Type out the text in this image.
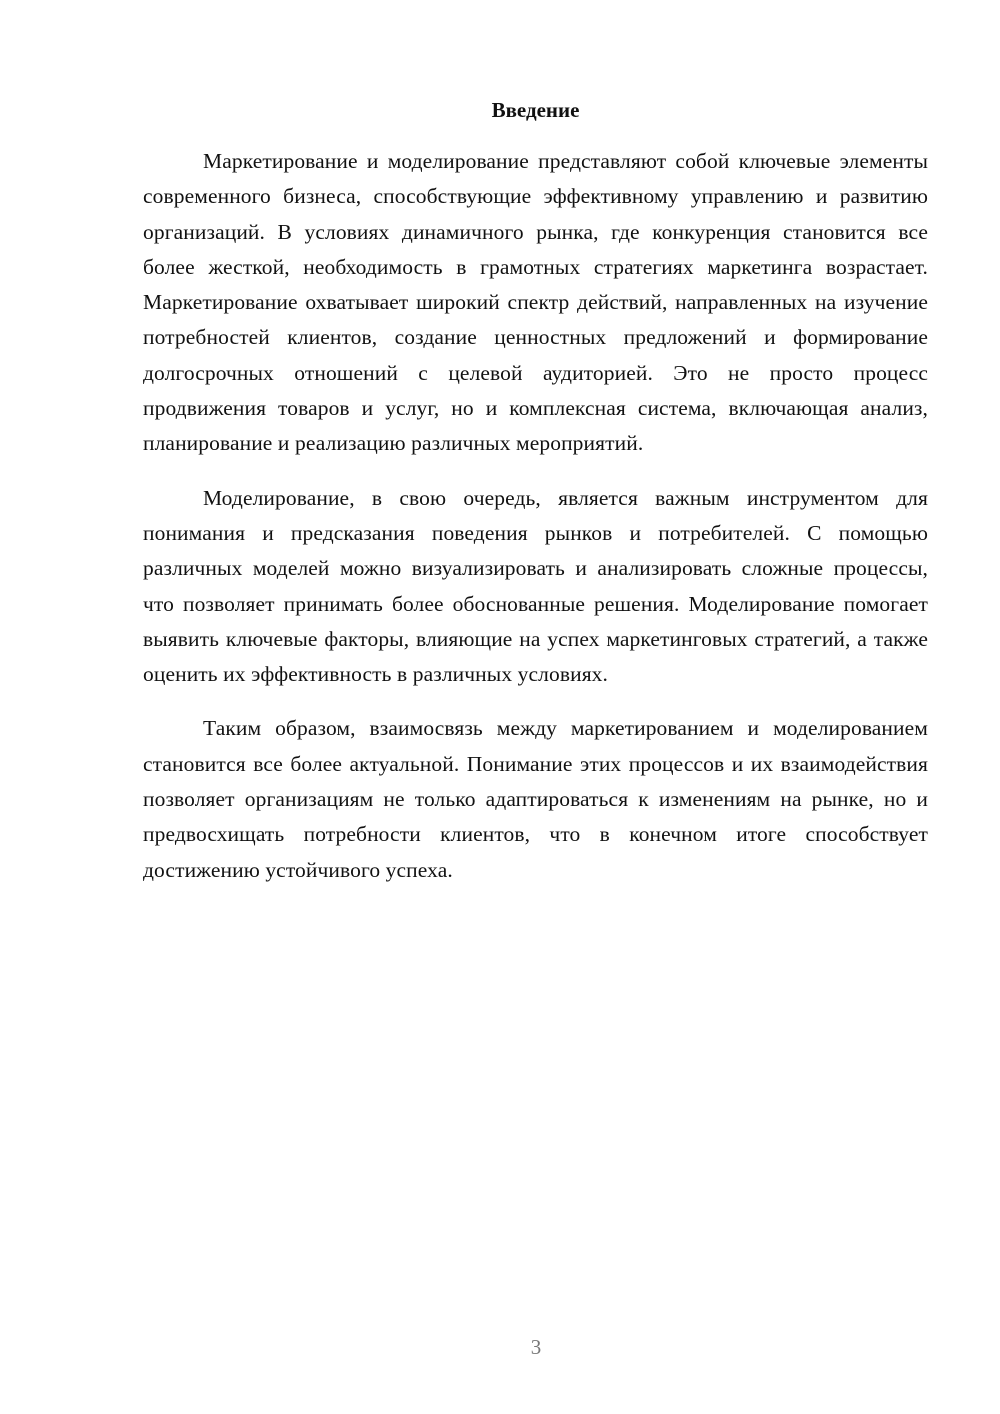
Введение

Маркетирование и моделирование представляют собой ключевые элементы современного бизнеса, способствующие эффективному управлению и развитию организаций. В условиях динамичного рынка, где конкуренция становится все более жесткой, необходимость в грамотных стратегиях маркетинга возрастает. Маркетирование охватывает широкий спектр действий, направленных на изучение потребностей клиентов, создание ценностных предложений и формирование долгосрочных отношений с целевой аудиторией. Это не просто процесс продвижения товаров и услуг, но и комплексная система, включающая анализ, планирование и реализацию различных мероприятий.

Моделирование, в свою очередь, является важным инструментом для понимания и предсказания поведения рынков и потребителей. С помощью различных моделей можно визуализировать и анализировать сложные процессы, что позволяет принимать более обоснованные решения. Моделирование помогает выявить ключевые факторы, влияющие на успех маркетинговых стратегий, а также оценить их эффективность в различных условиях.

Таким образом, взаимосвязь между маркетированием и моделированием становится все более актуальной. Понимание этих процессов и их взаимодействия позволяет организациям не только адаптироваться к изменениям на рынке, но и предвосхищать потребности клиентов, что в конечном итоге способствует достижению устойчивого успеха.

3
